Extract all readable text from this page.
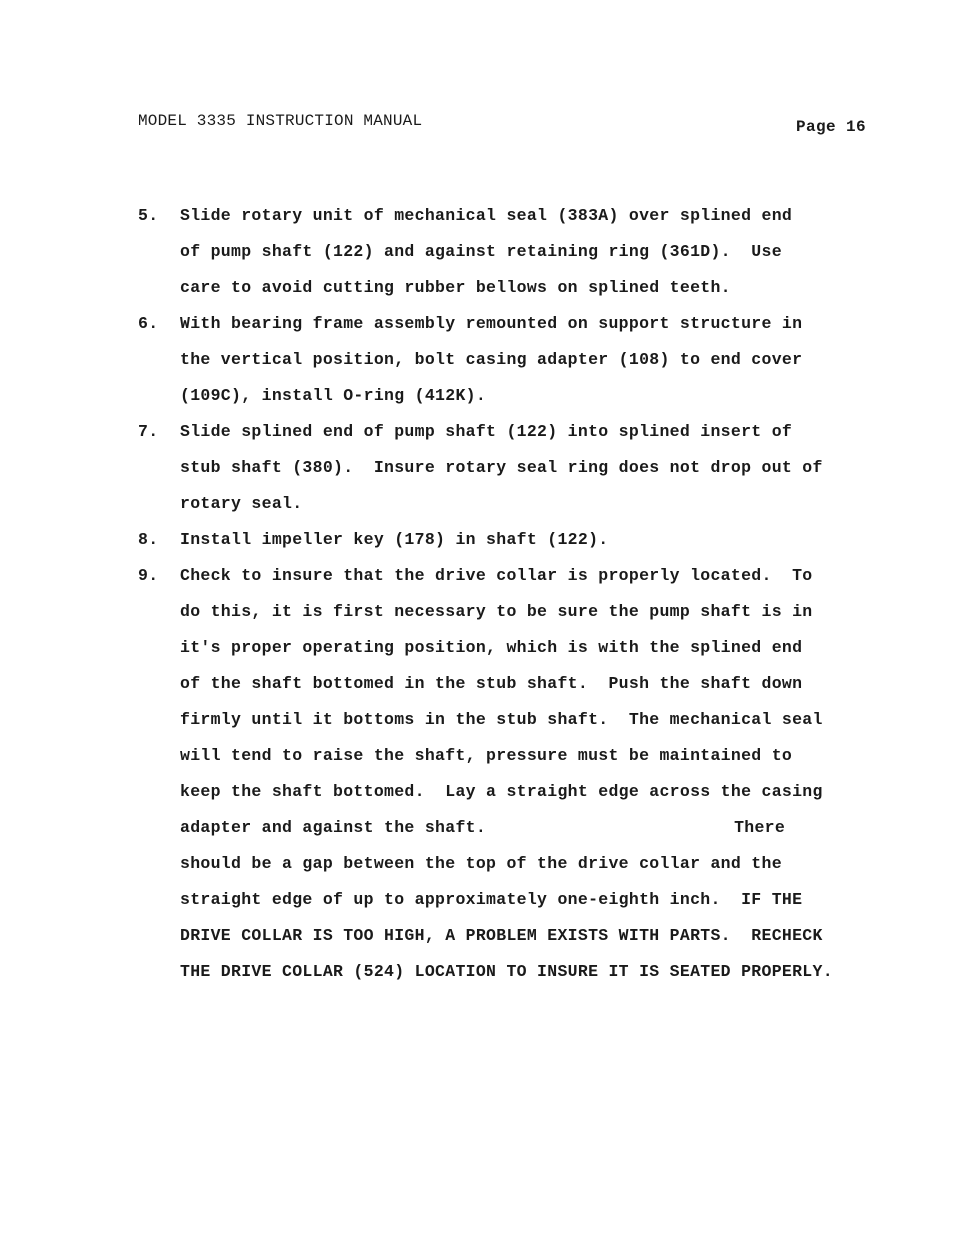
MODEL 3335 INSTRUCTION MANUAL	Page 16
5. Slide rotary unit of mechanical seal (383A) over splined end
of pump shaft (122) and against retaining ring (361D).  Use
care to avoid cutting rubber bellows on splined teeth.
6. With bearing frame assembly remounted on support structure in
the vertical position, bolt casing adapter (108) to end cover
(109C), install O-ring (412K).
7. Slide splined end of pump shaft (122) into splined insert of
stub shaft (380).  Insure rotary seal ring does not drop out of
rotary seal.
8. Install impeller key (178) in shaft (122).
9. Check to insure that the drive collar is properly located.  To
do this, it is first necessary to be sure the pump shaft is in
it's proper operating position, which is with the splined end
of the shaft bottomed in the stub shaft.  Push the shaft down
firmly until it bottoms in the stub shaft.  The mechanical seal
will tend to raise the shaft, pressure must be maintained to
keep the shaft bottomed.  Lay a straight edge across the casing
adapter and against the shaft.	There
should be a gap between the top of the drive collar and the
straight edge of up to approximately one-eighth inch.  IF THE
DRIVE COLLAR IS TOO HIGH, A PROBLEM EXISTS WITH PARTS.  RECHECK
THE DRIVE COLLAR (524) LOCATION TO INSURE IT IS SEATED PROPERLY.
